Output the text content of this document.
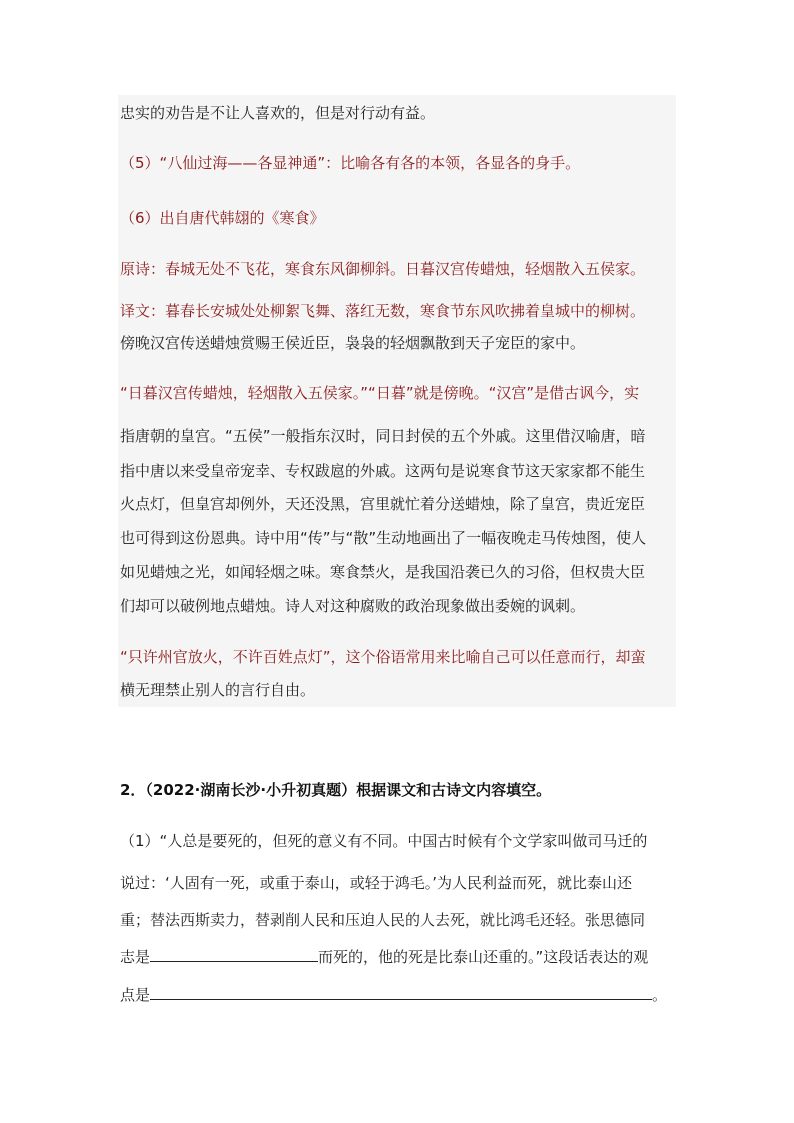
忠实的劝告是不让人喜欢的，但是对行动有益。
（5）“八仙过海——各显神通”：比喻各有各的本领，各显各的身手。
（6）出自唐代韩翃的《寒食》
原诗：春城无处不飞花，寒食东风御柳斜。日暮汉宫传蜡烛，轻烟散入五侯家。
译文：暮春长安城处处柳絮飞舞、落红无数，寒食节东风吹拂着皇城中的柳树。
傍晚汉宫传送蜡烛赏赐王侯近臣，袅袅的轻烟飘散到天子宠臣的家中。
“日暮汉宫传蜡烛，轻烟散入五侯家。”“日暮”就是傍晚。“汉宫”是借古讽今，实
指唐朝的皇宫。“五侯”一般指东汉时，同日封侯的五个外戚。这里借汉喻唐，暗
指中唐以来受皇帝宠幸、专权跋扈的外戚。这两句是说寒食节这天家家都不能生
火点灯，但皇宫却例外，天还没黑，宫里就忙着分送蜡烛，除了皇宫，贵近宠臣
也可得到这份恩典。诗中用“传”与“散”生动地画出了一幅夜晚走马传烛图，使人
如见蜡烛之光，如闻轻烟之味。寒食禁火，是我国沿袭已久的习俗，但权贵大臣
们却可以破例地点蜡烛。诗人对这种腐败的政治现象做出委婉的讽刺。
“只许州官放火，不许百姓点灯”，这个俗语常用来比喻自己可以任意而行，却蛮
横无理禁止别人的言行自由。
2．（2022·湖南长沙·小升初真题）根据课文和古诗文内容填空。
（1）“人总是要死的，但死的意义有不同。中国古时候有个文学家叫做司马迁的
说过：‘人固有一死，或重于泰山，或轻于鸿毛。’为人民利益而死，就比泰山还
重；替法西斯卖力，替剥削人民和压迫人民的人去死，就比鸿毛还轻。张思德同
志是	而死的，他的死是比泰山还重的。”这段话表达的观
点是	。
